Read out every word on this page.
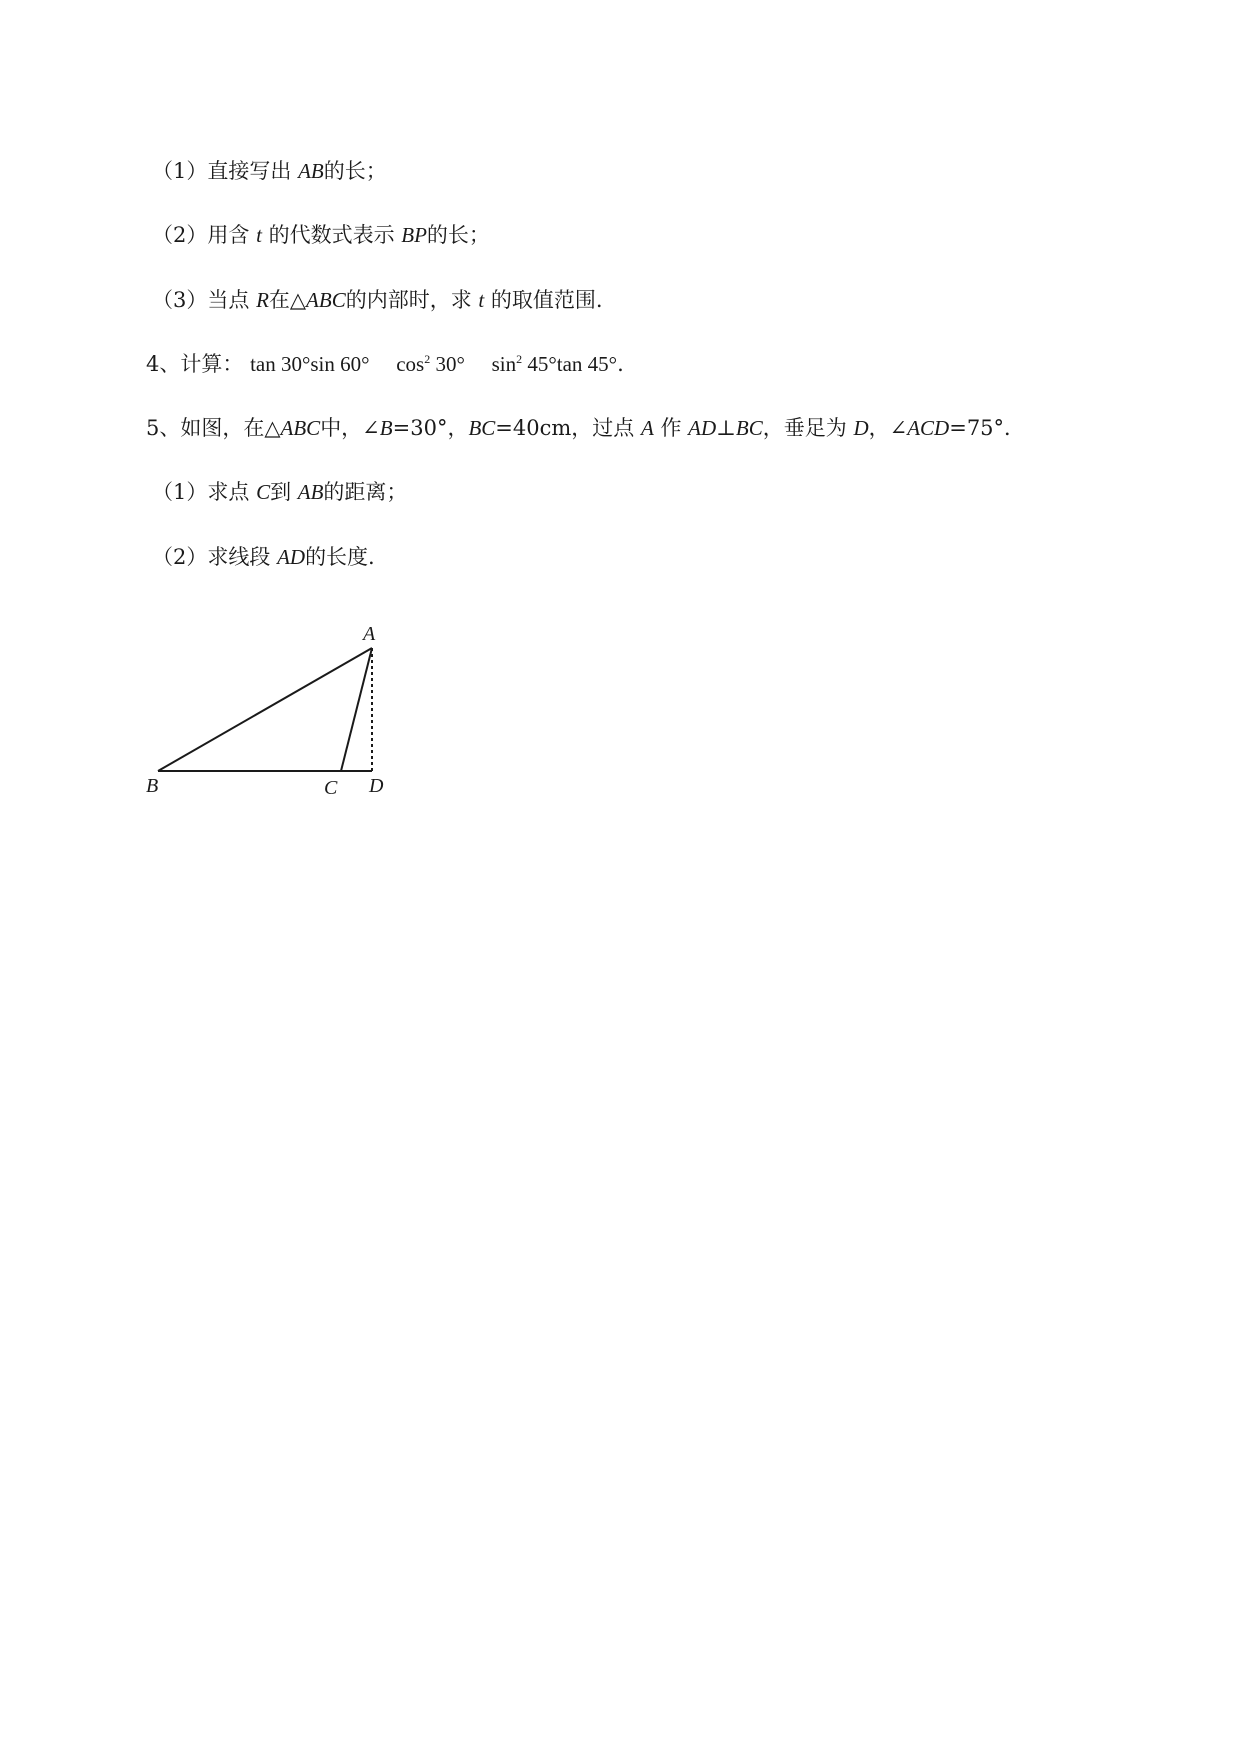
（1）直接写出 AB的长；
（2）用含 t 的代数式表示 BP的长；
（3）当点 R在△ABC的内部时，求 t 的取值范围.
4、计算： tan 30°sin 60° $\cos^2 30^\circ$ $\sin^2 45^\circ\tan$ 45°.
5、如图，在△ABC中，∠B=30°，BC=40cm，过点 A 作 AD⊥BC，垂足为 D，∠ACD=75°．
（1）求点 C到 AB的距离；
（2）求线段 AD的长度.
A
B	C D
